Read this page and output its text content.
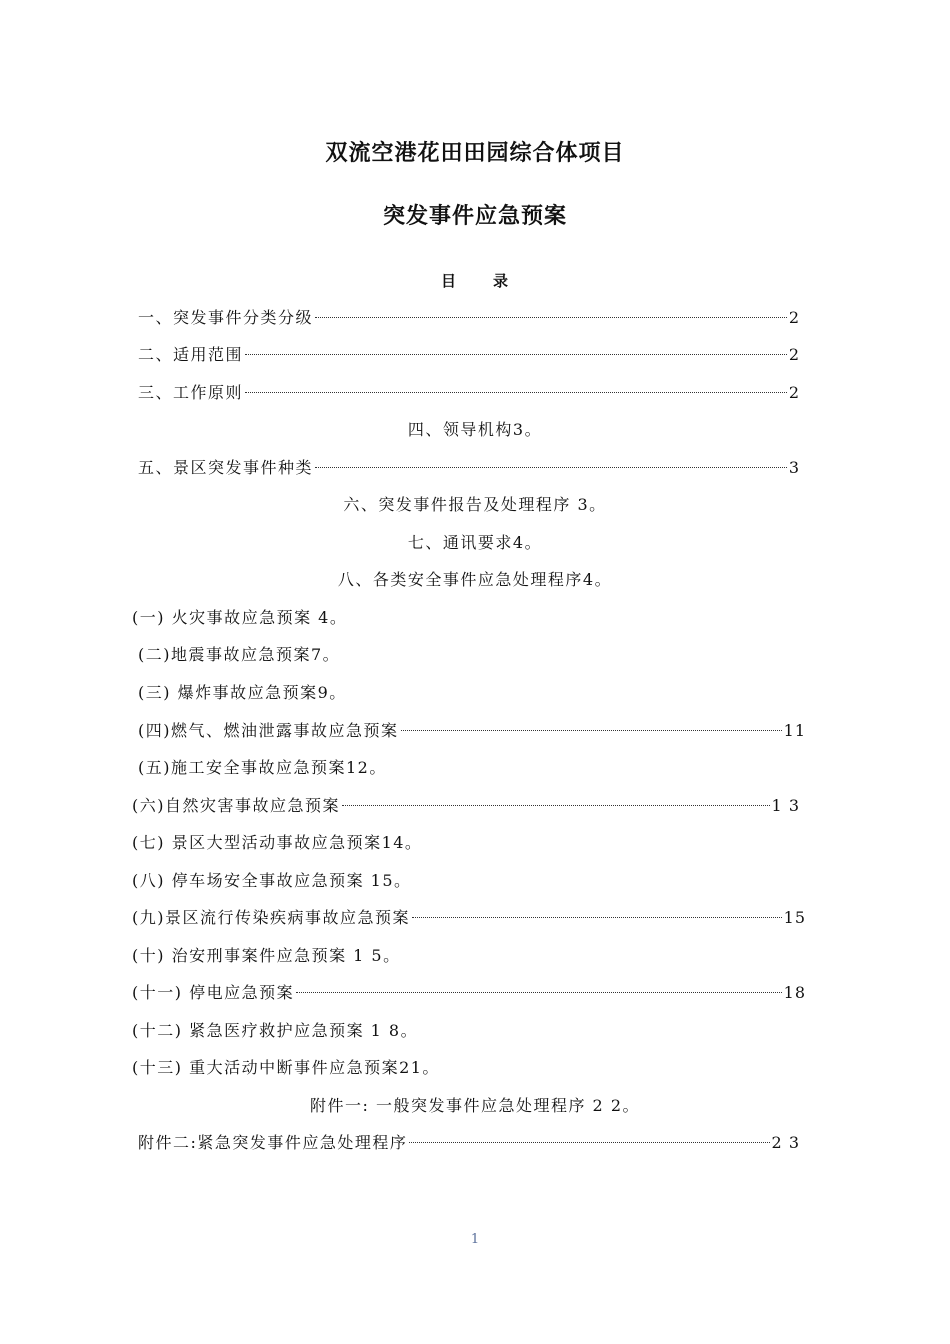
双流空港花田田园综合体项目
突发事件应急预案
目 录
一、突发事件分类分级	2
二、适用范围	2
三、工作原则	2
四、领导机构3。
五、景区突发事件种类	3
六、突发事件报告及处理程序 3。
七、通讯要求4。
八、各类安全事件应急处理程序4。
(一) 火灾事故应急预案 4。
(二)地震事故应急预案7。
(三) 爆炸事故应急预案9。
(四)燃气、燃油泄露事故应急预案	11
(五)施工安全事故应急预案12。
(六)自然灾害事故应急预案	1 3
(七) 景区大型活动事故应急预案14。
(八) 停车场安全事故应急预案 15。
(九)景区流行传染疾病事故应急预案	15
(十) 治安刑事案件应急预案 1 5。
(十一) 停电应急预案	18
(十二) 紧急医疗救护应急预案 1 8。
(十三) 重大活动中断事件应急预案21。
附件一: 一般突发事件应急处理程序 2 2。
附件二:紧急突发事件应急处理程序	2 3
1
